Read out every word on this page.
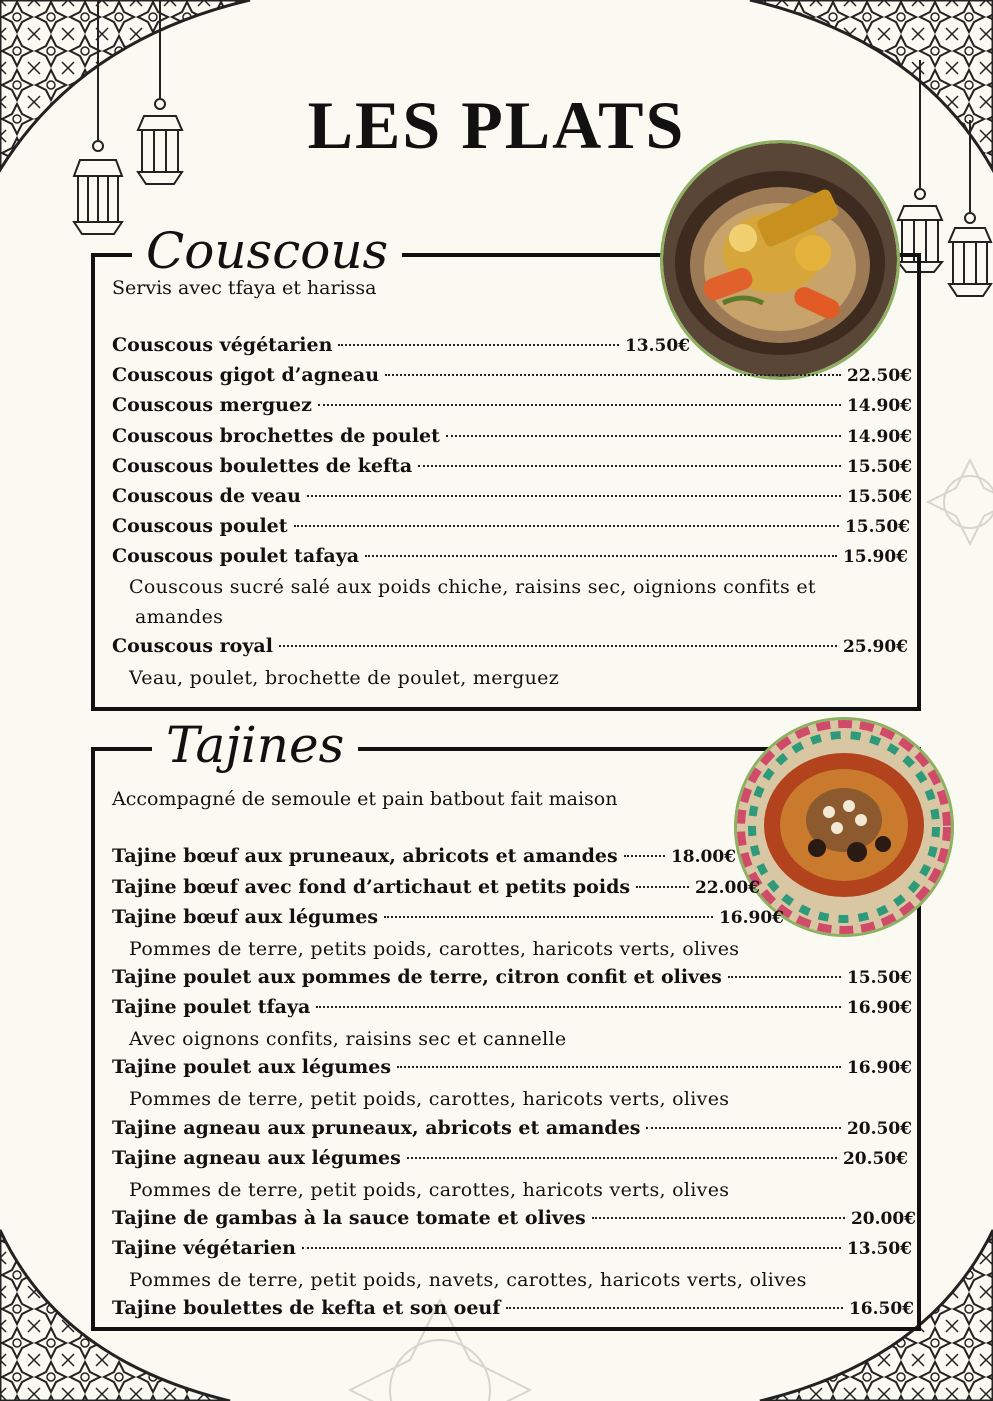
LES PLATS
Couscous
Servis avec tfaya et harissa
Couscous végétarien	13.50€
Couscous gigot d’agneau	22.50€
Couscous merguez	14.90€
Couscous brochettes de poulet	14.90€
Couscous boulettes de kefta	15.50€
Couscous de veau	15.50€
Couscous poulet	15.50€
Couscous poulet tafaya	15.90€
Couscous sucré salé aux poids chiche, raisins sec, oignions confits et
amandes
Couscous royal	25.90€
Veau, poulet, brochette de poulet, merguez
Tajines
Accompagné de semoule et pain batbout fait maison
Tajine bœuf aux pruneaux, abricots et amandes	18.00€
Tajine bœuf avec fond d’artichaut et petits poids	22.00€
Tajine bœuf aux légumes	16.90€
Pommes de terre, petits poids, carottes, haricots verts, olives
Tajine poulet aux pommes de terre, citron confit et olives	15.50€
Tajine poulet tfaya	16.90€
Avec oignons confits, raisins sec et cannelle
Tajine poulet aux légumes	16.90€
Pommes de terre, petit poids, carottes, haricots verts, olives
Tajine agneau aux pruneaux, abricots et amandes	20.50€
Tajine agneau aux légumes	20.50€
Pommes de terre, petit poids, carottes, haricots verts, olives
Tajine de gambas à la sauce tomate et olives	20.00€
Tajine végétarien	13.50€
Pommes de terre, petit poids, navets, carottes, haricots verts, olives
Tajine boulettes de kefta et son oeuf	16.50€
